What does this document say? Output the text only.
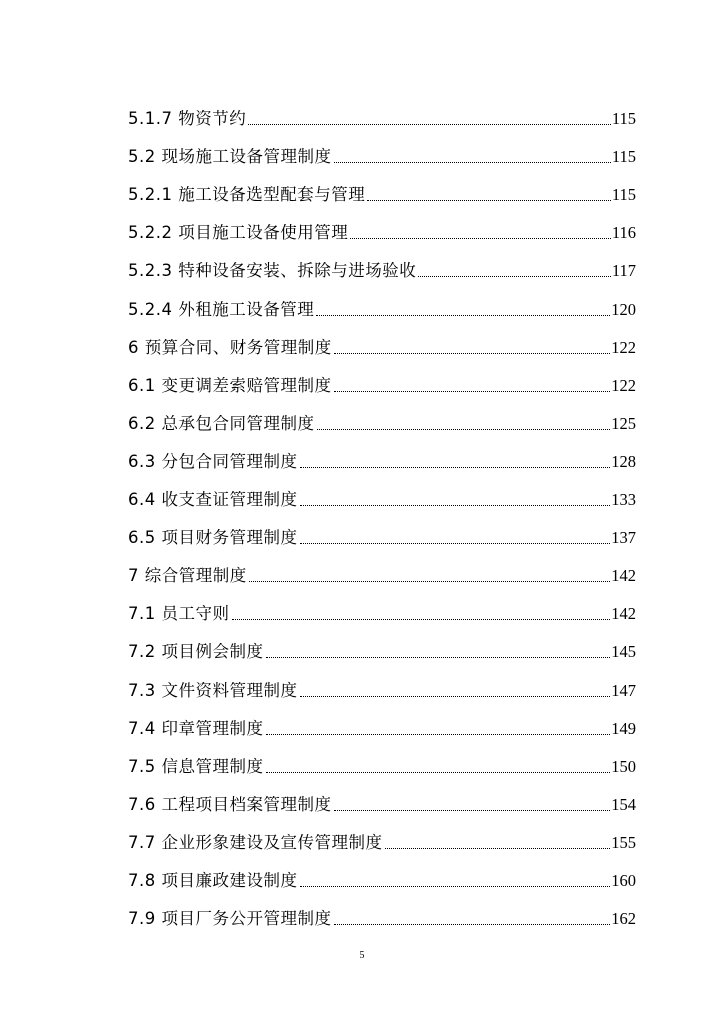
5.1.7 物资节约	115
5.2 现场施工设备管理制度	115
5.2.1 施工设备选型配套与管理	115
5.2.2 项目施工设备使用管理	116
5.2.3 特种设备安装、拆除与进场验收	117
5.2.4 外租施工设备管理	120
6 预算合同、财务管理制度	122
6.1 变更调差索赔管理制度	122
6.2 总承包合同管理制度	125
6.3 分包合同管理制度	128
6.4 收支查证管理制度	133
6.5 项目财务管理制度	137
7 综合管理制度	142
7.1 员工守则	142
7.2 项目例会制度	145
7.3 文件资料管理制度	147
7.4 印章管理制度	149
7.5 信息管理制度	150
7.6 工程项目档案管理制度	154
7.7 企业形象建设及宣传管理制度	155
7.8 项目廉政建设制度	160
7.9 项目厂务公开管理制度	162
5
